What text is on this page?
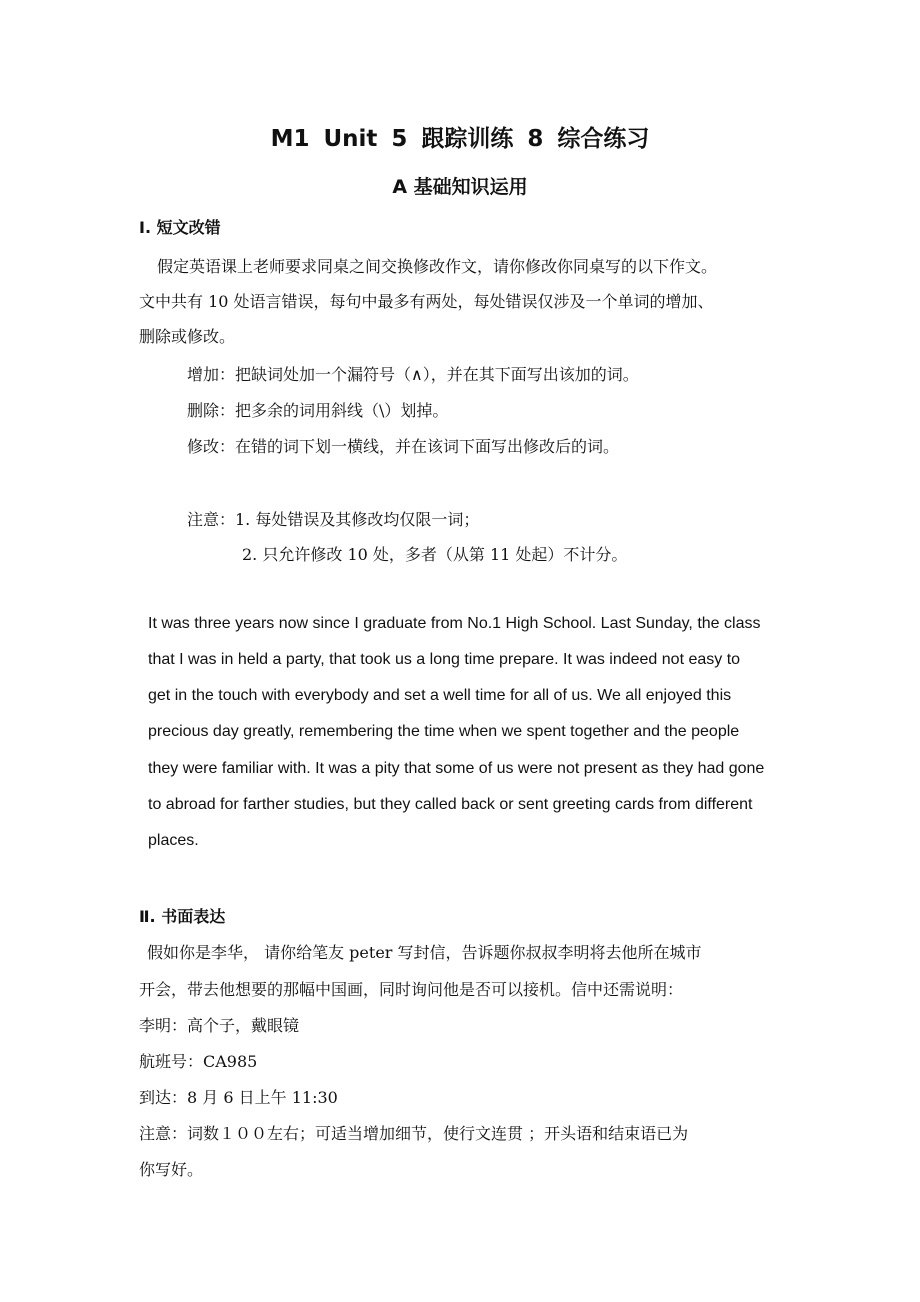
M1 Unit 5 跟踪训练 8 综合练习
A 基础知识运用
I. 短文改错
假定英语课上老师要求同桌之间交换修改作文，请你修改你同桌写的以下作文。
文中共有 10 处语言错误，每句中最多有两处，每处错误仅涉及一个单词的增加、
删除或修改。
增加：把缺词处加一个漏符号（∧），并在其下面写出该加的词。
删除：把多余的词用斜线（\）划掉。
修改：在错的词下划一横线，并在该词下面写出修改后的词。
注意：1. 每处错误及其修改均仅限一词；
2. 只允许修改 10 处，多者（从第 11 处起）不计分。
It was three years now since I graduate from No.1 High School. Last Sunday, the class
that I was in held a party, that took us a long time prepare. It was indeed not easy to
get in the touch with everybody and set a well time for all of us. We all enjoyed this
precious day greatly, remembering the time when we spent together and the people
they were familiar with. It was a pity that some of us were not present as they had gone
to abroad for farther studies, but they called back or sent greeting cards from different
places.
Ⅱ. 书面表达
假如你是李华， 请你给笔友 peter 写封信，告诉题你叔叔李明将去他所在城市
开会，带去他想要的那幅中国画，同时询问他是否可以接机。信中还需说明：
李明：高个子，戴眼镜
航班号：CA985
到达：8 月 6 日上午 11:30
注意：词数１００左右；可适当增加细节，使行文连贯 ；开头语和结束语已为
你写好。
